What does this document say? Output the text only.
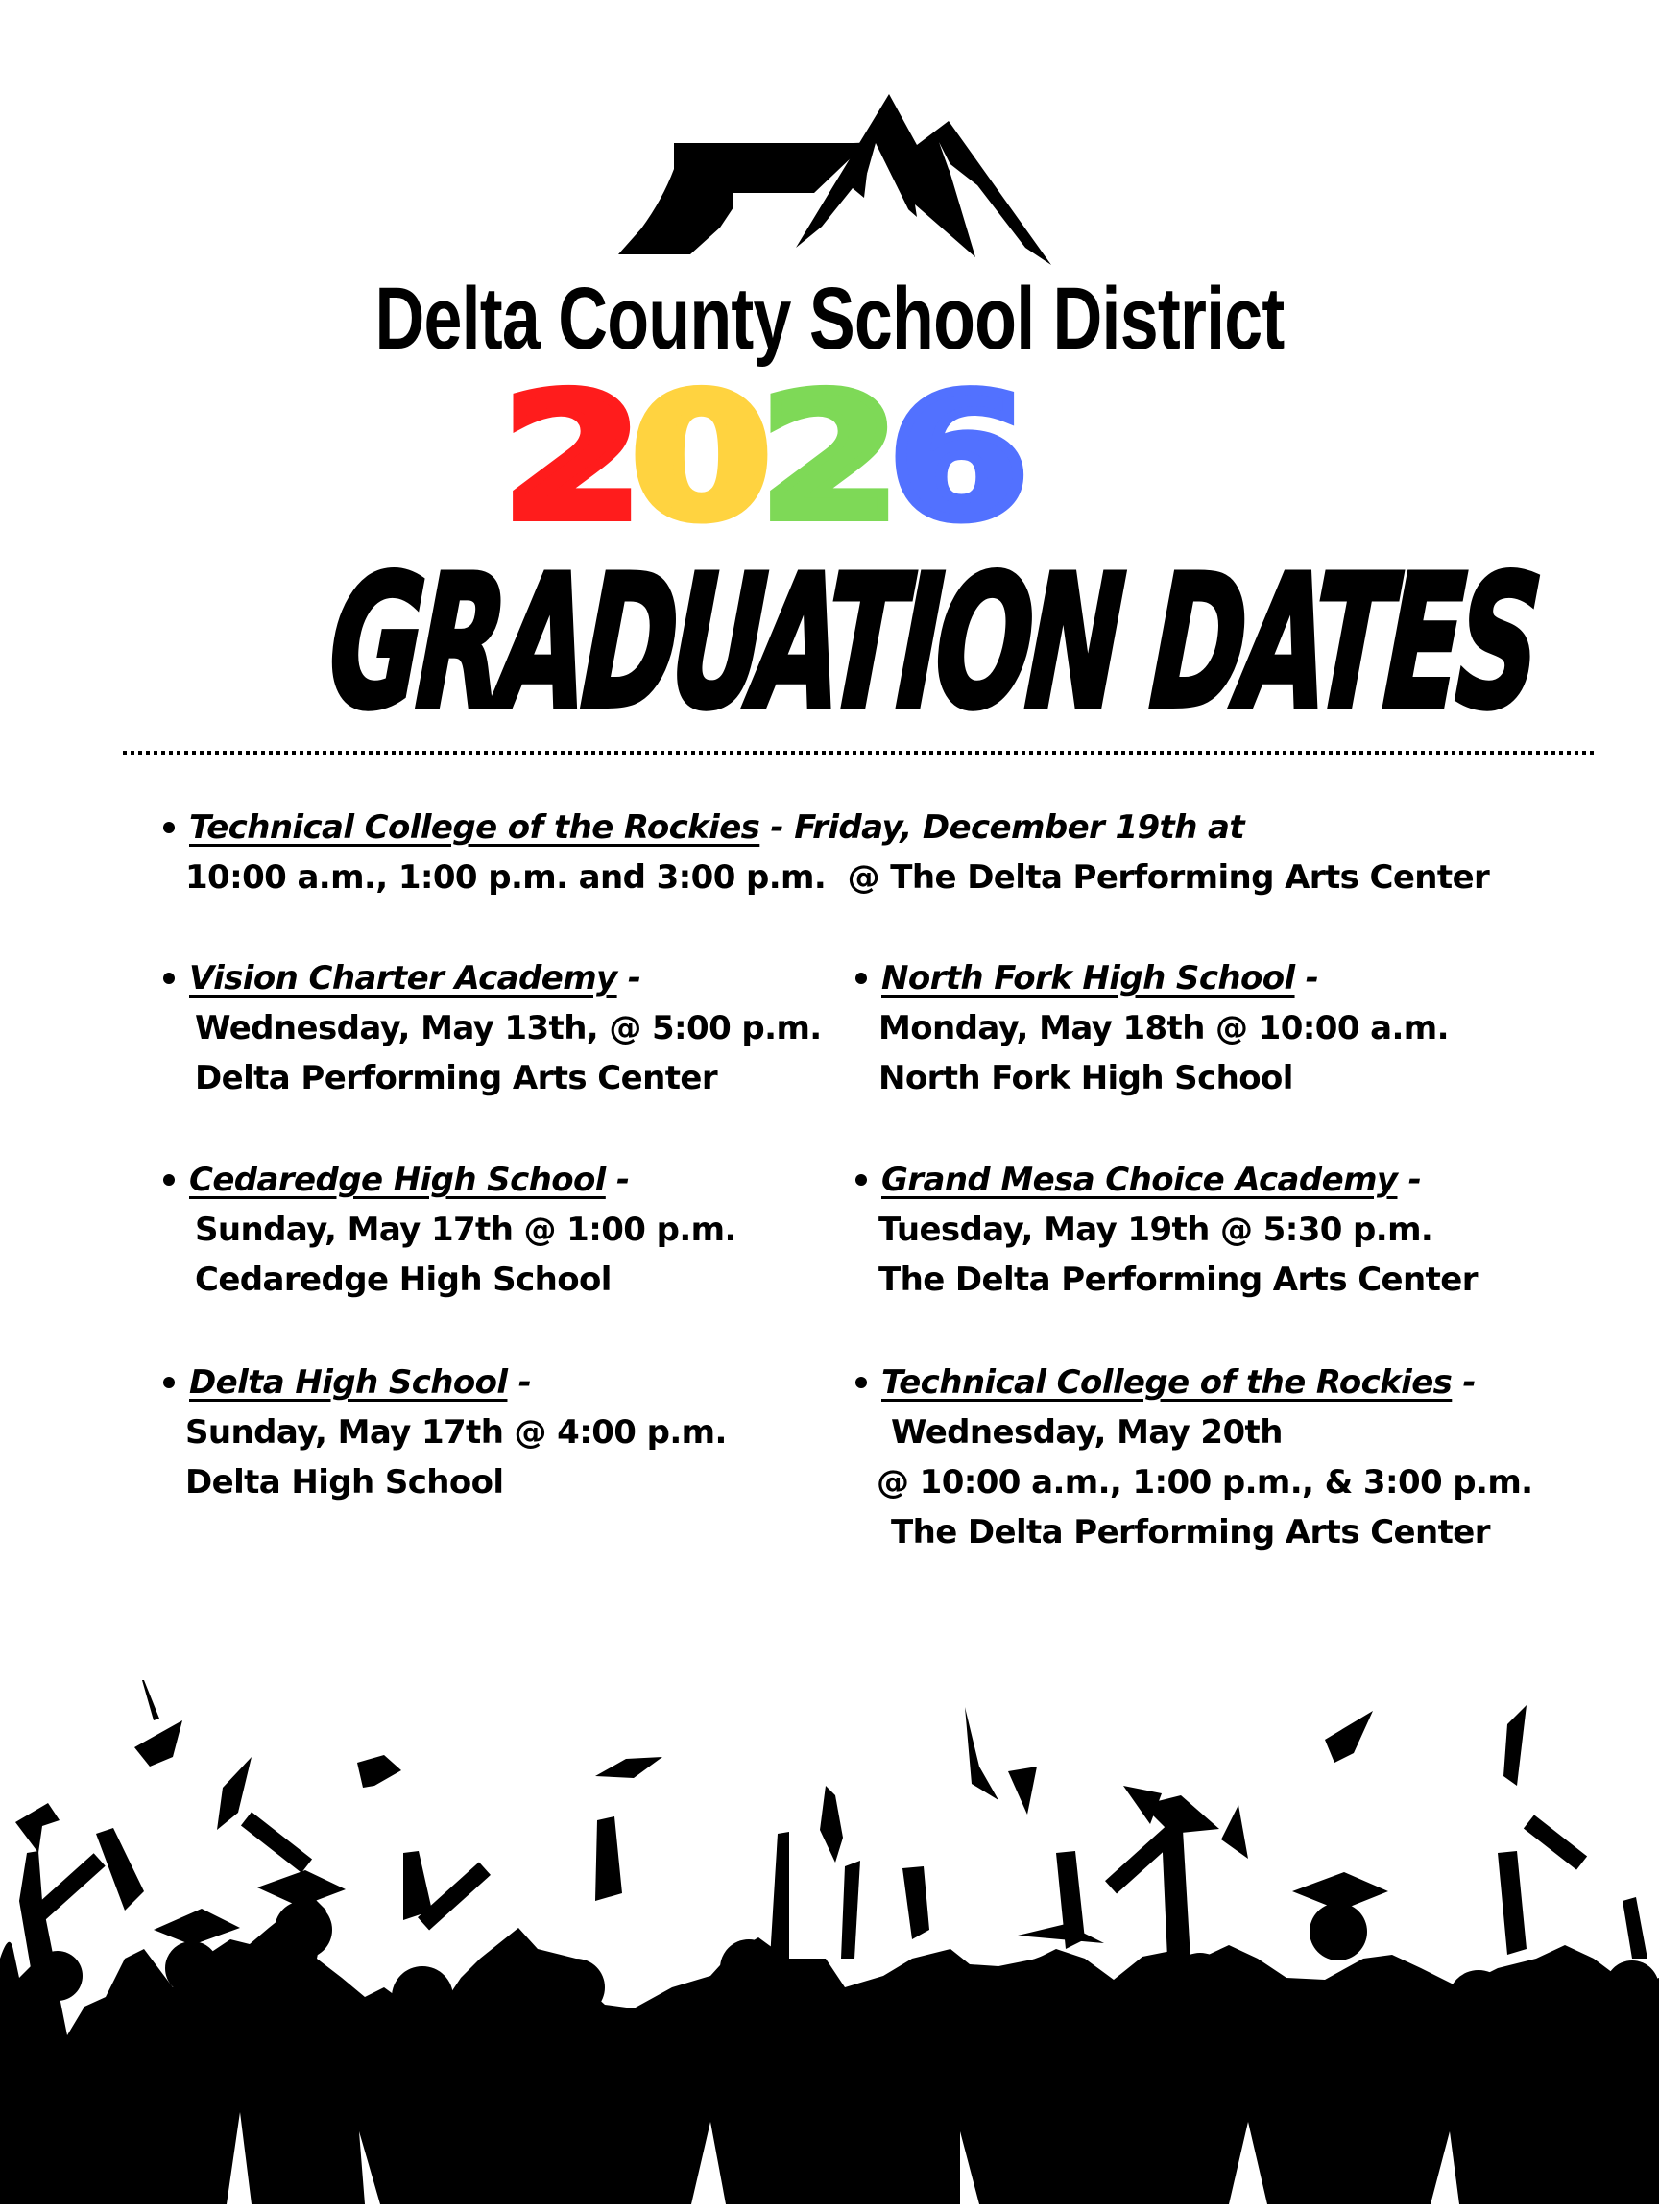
Delta County School District
2026
GRADUATION DATES
Technical College of the Rockies - Friday, December 19th at
10:00 a.m., 1:00 p.m. and 3:00 p.m.  @ The Delta Performing Arts Center
Vision Charter Academy -
Wednesday, May 13th, @ 5:00 p.m.
Delta Performing Arts Center
North Fork High School -
Monday, May 18th @ 10:00 a.m.
North Fork High School
Cedaredge High School -
Sunday, May 17th @ 1:00 p.m.
Cedaredge High School
Grand Mesa Choice Academy -
Tuesday, May 19th @ 5:30 p.m.
The Delta Performing Arts Center
Delta High School -
Sunday, May 17th @ 4:00 p.m.
Delta High School
Technical College of the Rockies -
Wednesday, May 20th
@ 10:00 a.m., 1:00 p.m., & 3:00 p.m.
The Delta Performing Arts Center
